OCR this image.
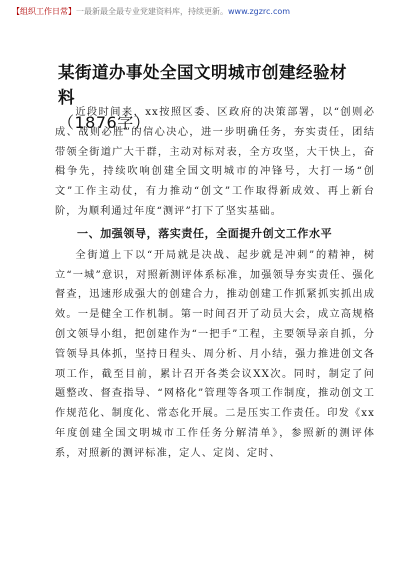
【组织工作日常】一最新最全最专业党建资料库，持续更新。www.zgzrc.com
某街道办事处全国文明城市创建经验材料
（1876字）

近段时间来，xx按照区委、区政府的决策部署，以“创则必成、战则必胜”的信心决心，进一步明确任务，夯实责任，团结带领全街道广大干群，主动对标对表，全方攻坚，大干快上，奋楫争先，持续吹响创建全国文明城市的冲锋号，大打一场“创文”工作主动仗，有力推动“创文”工作取得新成效、再上新台阶，为顺利通过年度“测评”打下了坚实基础。

一、加强领导，落实责任，全面提升创文工作水平

全街道上下以“开局就是决战、起步就是冲刺”的精神，树立“一城”意识，对照新测评体系标准，加强领导夯实责任、强化督查，迅速形成强大的创建合力，推动创建工作抓紧抓实抓出成效。一是健全工作机制。第一时间召开了动员大会，成立高规格创文领导小组，把创建作为“一把手”工程，主要领导亲自抓，分管领导具体抓，坚持日程头、周分析、月小结，强力推进创文各项工作，截至目前，累计召开各类会议XX次。同时，制定了问题整改、督查指导、“网格化”管理等各项工作制度，推动创文工作规范化、制度化、常态化开展。二是压实工作责任。印发《xx年度创建全国文明城市工作任务分解清单》，参照新的测评体系，对照新的测评标准，定人、定岗、定时、
